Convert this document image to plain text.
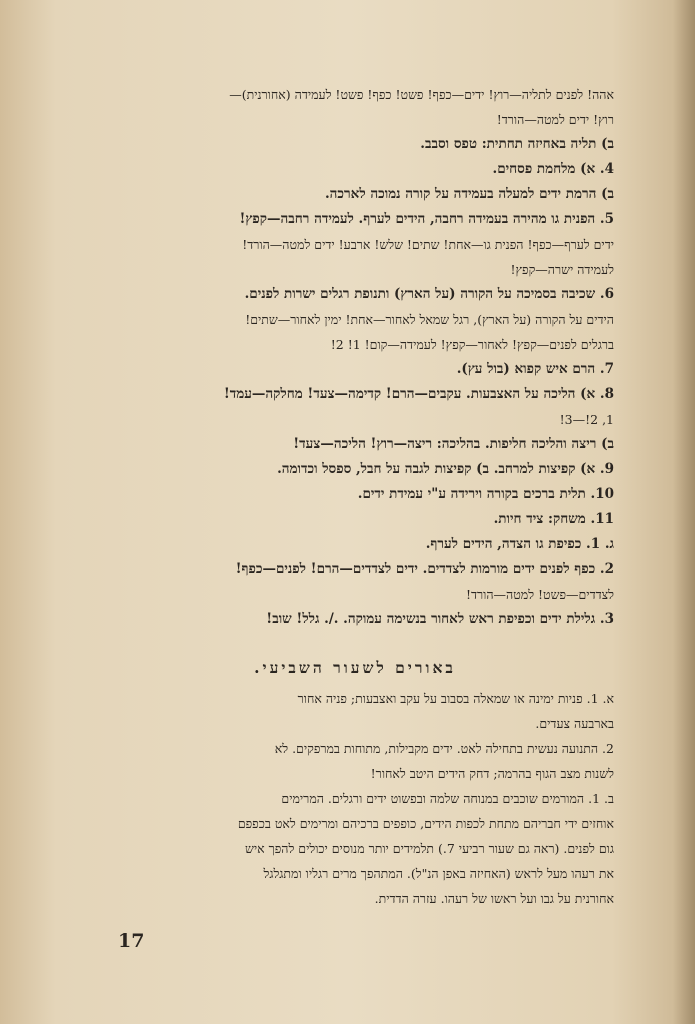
אהה! לפנים לתליה—רוץ! ידים—כפף! פשט! כפף! פשט! לעמידה (אחורנית)—
רוץ! ידים למטה—הורד!
ב) תליה באחיזה תחתית: טפס וסבב.
4. א) מלחמת פסחים.
ב) הרמת ידים למעלה בעמידה על קורה נמוכה לארכה.
5. הפנית גו מהירה בעמידה רחבה, הידים לערף. לעמידה רחבה—קפץ!
ידים לערף—כפף! הפנית גו—אחת! שתים! שלש! ארבע! ידים למטה—הורד!
לעמידה ישרה—קפץ!
6. שכיבה בסמיכה על הקורה (על הארץ) ותנופת רגלים ישרות לפנים.
הידים על הקורה (על הארץ), רגל שמאל לאחור—אחת! ימין לאחור—שתים!
ברגלים לפנים—קפץ! לאחור—קפץ! לעמידה—קום! 1! 2!
7. הרם איש קפוא (בול עץ).
8. א) הליכה על האצבעות. עקבים—הרם! קדימה—צעד! מחלקה—עמד!
1, 2!—3!
ב) ריצה והליכה חליפות. בהליכה: ריצה—רוץ! הליכה—צעד!
9. א) קפיצות למרחב. ב) קפיצות לגבה על חבל, ספסל וכדומה.
10. תלית ברכים בקורה וירידה ע"י עמידת ידים.
11. משחק: ציד חיות.
ג. 1. כפיפת גו הצדה, הידים לערף.
2. כפף לפנים ידים מורמות לצדדים. ידים לצדדים—הרם! לפנים—כפף!
לצדדים—פשט! למטה—הורד!
3. גלילת ידים וכפיפת ראש לאחור בנשימה עמוקה. ./. גלל! שוב!
באורים לשעור השביעי.
א. 1. פניות ימינה או שמאלה בסבוב על עקב ואצבעות; פניה אחור
בארבעה צעדים.
2. התנועה נעשית בתחילה לאט. ידים מקבילות, מתוחות במרפקים. לא
לשנות מצב הגוף בהרמה; דחק הידים היטב לאחור!
ב. 1. המורמים שוכבים במנוחה שלמה ובפשוט ידים ורגלים. המרימים
אוחזים ידי חבריהם מתחת לכפות הידים, כופפים ברכיהם ומרימים לאט בכפפם
גום לפנים. (ראה גם שעור רביעי 7.) תלמידים יותר מנוסים יכולים להפך איש
את רעהו מעל לראש (האחיזה באפן הנ"ל). המתהפך מרים רגליו ומתגלגל
אחורנית על גבו ועל ראשו של רעהו. עזרה הדדית.
17
